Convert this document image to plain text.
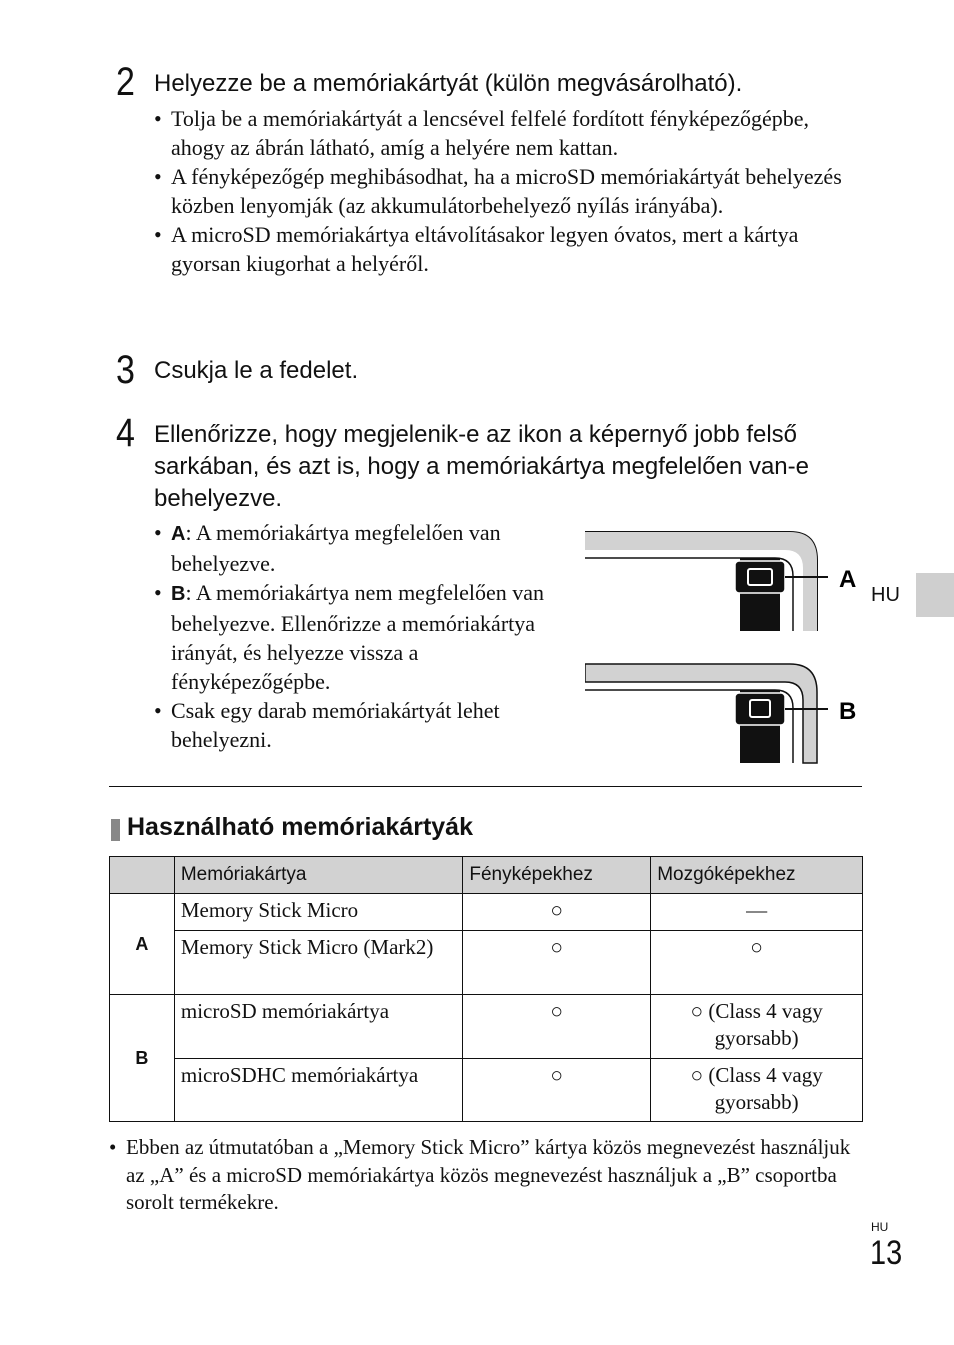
2 Helyezze be a memóriakártyát (külön megvásárolható).
• Tolja be a memóriakártyát a lencsével felfelé fordított fényképezőgépbe, ahogy az ábrán látható, amíg a helyére nem kattan.
• A fényképezőgép meghibásodhat, ha a microSD memóriakártyát behelyezés közben lenyomják (az akkumulátorbehelyező nyílás irányába).
• A microSD memóriakártya eltávolításakor legyen óvatos, mert a kártya gyorsan kiugorhat a helyéről.
3 Csukja le a fedelet.
4 Ellenőrizze, hogy megjelenik-e az ikon a képernyő jobb felső sarkában, és azt is, hogy a memóriakártya megfelelően van-e behelyezve.
• A: A memóriakártya megfelelően van behelyezve.
• B: A memóriakártya nem megfelelően van behelyezve. Ellenőrizze a memóriakártya irányát, és helyezze vissza a fényképezőgépbe.
• Csak egy darab memóriakártyát lehet behelyezni.
A
B
HU
Használható memóriakártyák
	Memóriakártya	Fényképekhez	Mozgóképekhez
A	Memory Stick Micro	○	—
	Memory Stick Micro (Mark2)	○	○
B	microSD memóriakártya	○	○ (Class 4 vagy gyorsabb)
	microSDHC memóriakártya	○	○ (Class 4 vagy gyorsabb)
• Ebben az útmutatóban a „Memory Stick Micro” kártya közös megnevezést használjuk az „A” és a microSD memóriakártya közös megnevezést használjuk a „B” csoportba sorolt termékekre.
HU
13
